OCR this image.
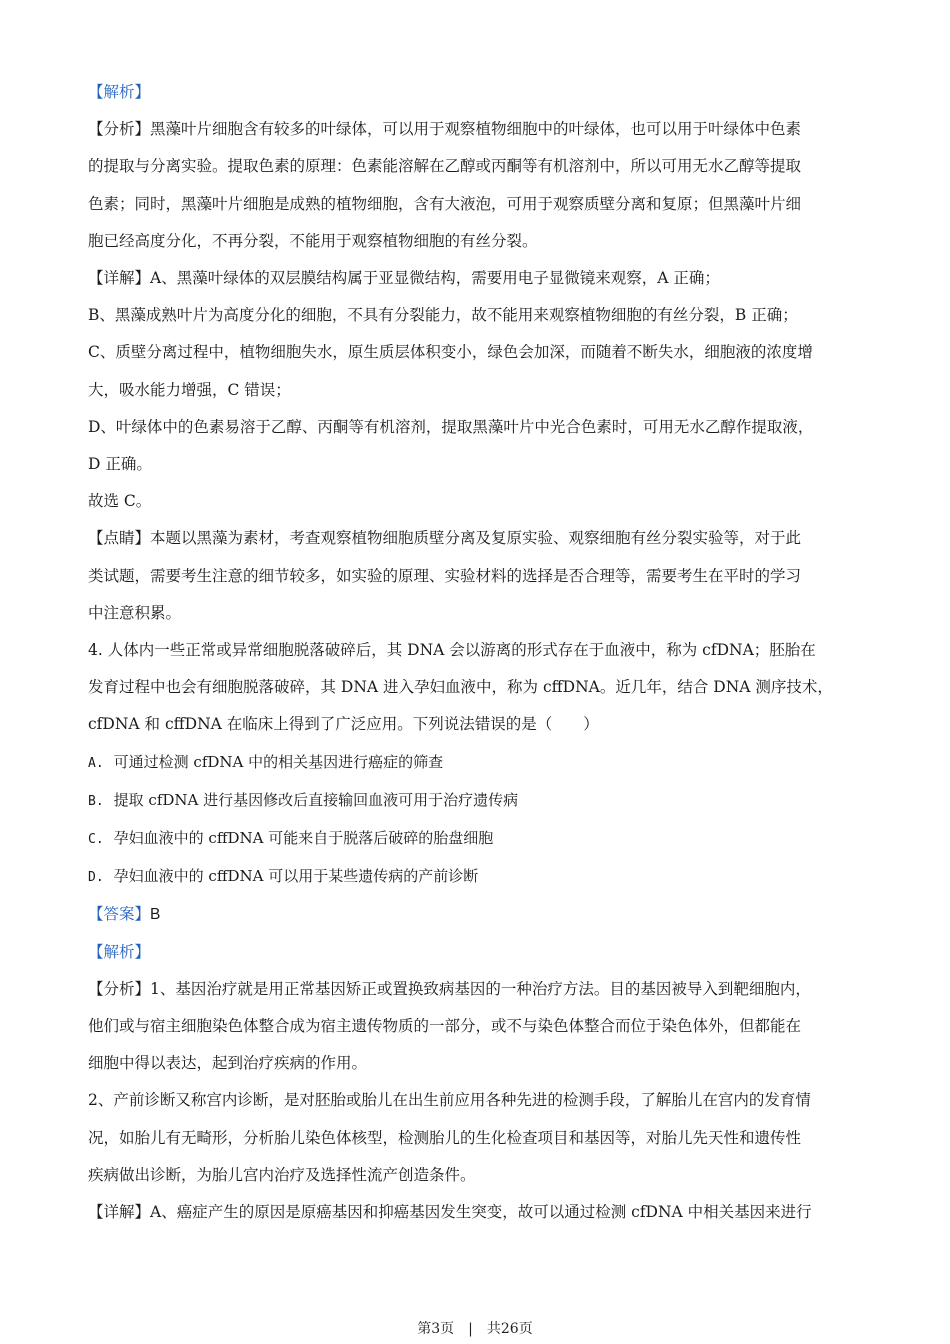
【解析】
【分析】黑藻叶片细胞含有较多的叶绿体，可以用于观察植物细胞中的叶绿体，也可以用于叶绿体中色素
的提取与分离实验。提取色素的原理：色素能溶解在乙醇或丙酮等有机溶剂中，所以可用无水乙醇等提取
色素；同时，黑藻叶片细胞是成熟的植物细胞，含有大液泡，可用于观察质壁分离和复原；但黑藻叶片细
胞已经高度分化，不再分裂，不能用于观察植物细胞的有丝分裂。
【详解】A、黑藻叶绿体的双层膜结构属于亚显微结构，需要用电子显微镜来观察，A 正确；
B、黑藻成熟叶片为高度分化的细胞，不具有分裂能力，故不能用来观察植物细胞的有丝分裂，B 正确；
C、质壁分离过程中，植物细胞失水，原生质层体积变小，绿色会加深，而随着不断失水，细胞液的浓度增
大，吸水能力增强，C 错误；
D、叶绿体中的色素易溶于乙醇、丙酮等有机溶剂，提取黑藻叶片中光合色素时，可用无水乙醇作提取液，
D 正确。
故选 C。
【点睛】本题以黑藻为素材，考查观察植物细胞质壁分离及复原实验、观察细胞有丝分裂实验等，对于此
类试题，需要考生注意的细节较多，如实验的原理、实验材料的选择是否合理等，需要考生在平时的学习
中注意积累。
4. 人体内一些正常或异常细胞脱落破碎后，其 DNA 会以游离的形式存在于血液中，称为 cfDNA；胚胎在
发育过程中也会有细胞脱落破碎，其 DNA 进入孕妇血液中，称为 cffDNA。近几年，结合 DNA 测序技术，
cfDNA 和 cffDNA 在临床上得到了广泛应用。下列说法错误的是（　　）
A. 可通过检测 cfDNA 中的相关基因进行癌症的筛查
B. 提取 cfDNA 进行基因修改后直接输回血液可用于治疗遗传病
C. 孕妇血液中的 cffDNA 可能来自于脱落后破碎的胎盘细胞
D. 孕妇血液中的 cffDNA 可以用于某些遗传病的产前诊断
【答案】B
【解析】
【分析】1、基因治疗就是用正常基因矫正或置换致病基因的一种治疗方法。目的基因被导入到靶细胞内，
他们或与宿主细胞染色体整合成为宿主遗传物质的一部分，或不与染色体整合而位于染色体外，但都能在
细胞中得以表达，起到治疗疾病的作用。
2、产前诊断又称宫内诊断，是对胚胎或胎儿在出生前应用各种先进的检测手段，了解胎儿在宫内的发育情
况，如胎儿有无畸形，分析胎儿染色体核型，检测胎儿的生化检查项目和基因等，对胎儿先天性和遗传性
疾病做出诊断，为胎儿宫内治疗及选择性流产创造条件。
【详解】A、癌症产生的原因是原癌基因和抑癌基因发生突变，故可以通过检测 cfDNA 中相关基因来进行
第3页　|　共26页
